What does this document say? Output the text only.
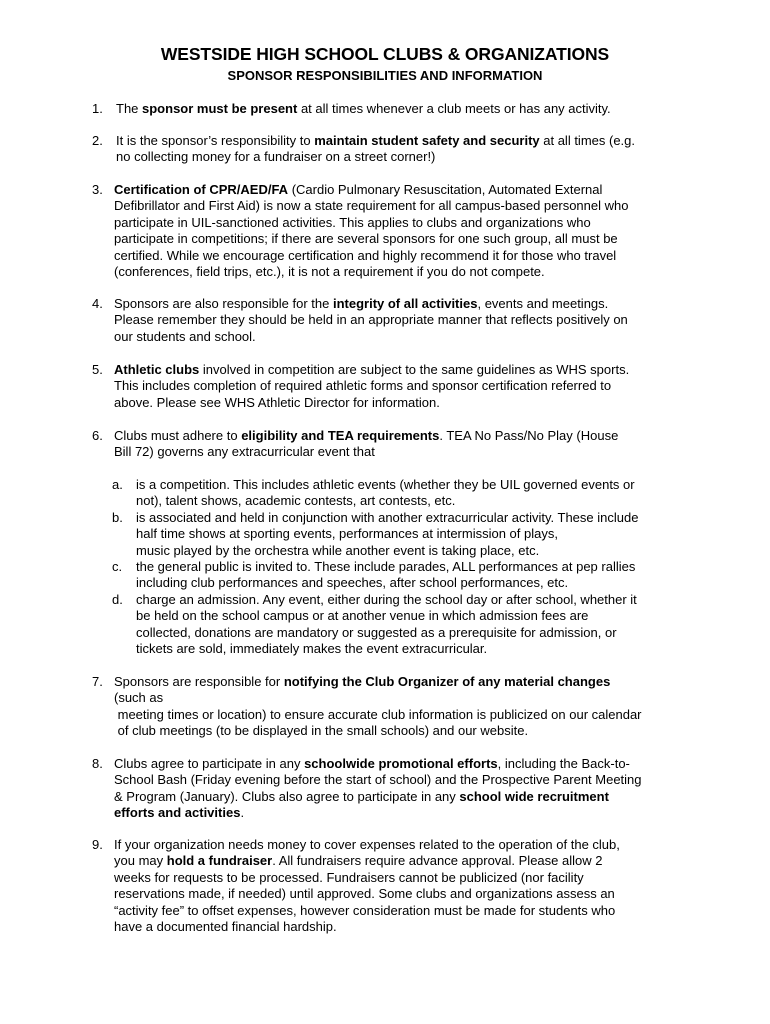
WESTSIDE HIGH SCHOOL CLUBS & ORGANIZATIONS
SPONSOR RESPONSIBILITIES AND INFORMATION
1. The sponsor must be present at all times whenever a club meets or has any activity.
2. It is the sponsor’s responsibility to maintain student safety and security at all times (e.g.
no collecting money for a fundraiser on a street corner!)
3. Certification of CPR/AED/FA (Cardio Pulmonary Resuscitation, Automated External
Defibrillator and First Aid) is now a state requirement for all campus-based personnel who
participate in UIL-sanctioned activities. This applies to clubs and organizations who
participate in competitions; if there are several sponsors for one such group, all must be
certified. While we encourage certification and highly recommend it for those who travel
(conferences, field trips, etc.), it is not a requirement if you do not compete.
4. Sponsors are also responsible for the integrity of all activities, events and meetings.
Please remember they should be held in an appropriate manner that reflects positively on
our students and school.
5. Athletic clubs involved in competition are subject to the same guidelines as WHS sports.
This includes completion of required athletic forms and sponsor certification referred to
above. Please see WHS Athletic Director for information.
6. Clubs must adhere to eligibility and TEA requirements. TEA No Pass/No Play (House
Bill 72) governs any extracurricular event that
a. is a competition. This includes athletic events (whether they be UIL governed events or
not), talent shows, academic contests, art contests, etc.
b. is associated and held in conjunction with another extracurricular activity. These include
half time shows at sporting events, performances at intermission of plays,
music played by the orchestra while another event is taking place, etc.
c. the general public is invited to. These include parades, ALL performances at pep rallies
including club performances and speeches, after school performances, etc.
d. charge an admission. Any event, either during the school day or after school, whether it
be held on the school campus or at another venue in which admission fees are
collected, donations are mandatory or suggested as a prerequisite for admission, or
tickets are sold, immediately makes the event extracurricular.
7. Sponsors are responsible for notifying the Club Organizer of any material changes
(such as
meeting times or location) to ensure accurate club information is publicized on our calendar
of club meetings (to be displayed in the small schools) and our website.
8. Clubs agree to participate in any schoolwide promotional efforts, including the Back-to-
School Bash (Friday evening before the start of school) and the Prospective Parent Meeting
& Program (January). Clubs also agree to participate in any school wide recruitment
efforts and activities.
9. If your organization needs money to cover expenses related to the operation of the club,
you may hold a fundraiser. All fundraisers require advance approval. Please allow 2
weeks for requests to be processed. Fundraisers cannot be publicized (nor facility
reservations made, if needed) until approved. Some clubs and organizations assess an
“activity fee” to offset expenses, however consideration must be made for students who
have a documented financial hardship.
